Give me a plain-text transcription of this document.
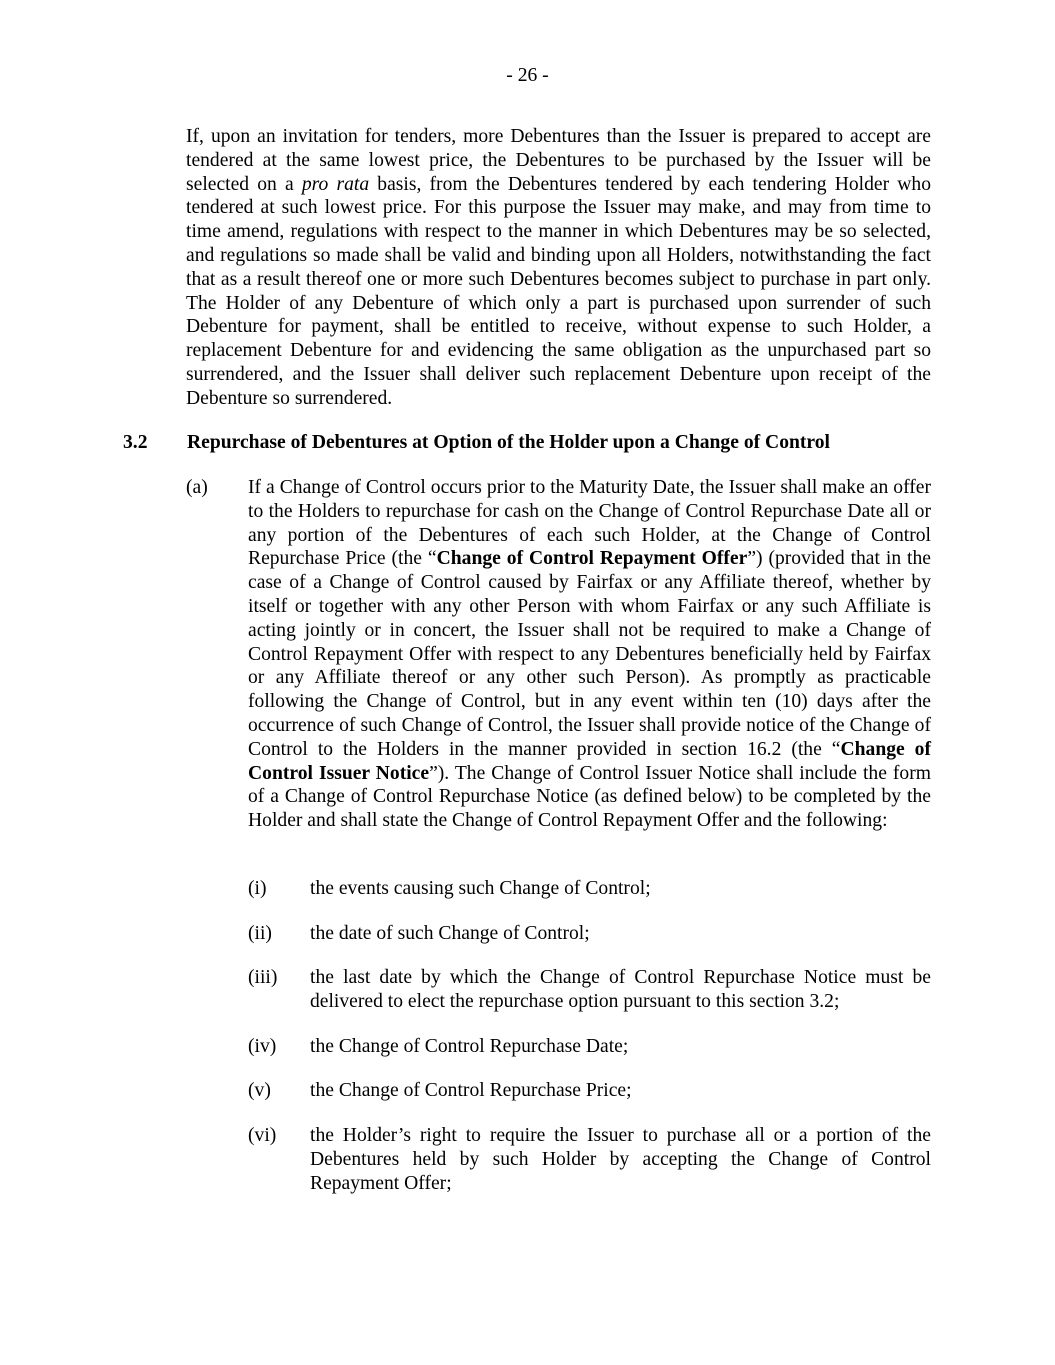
- 26 -

If, upon an invitation for tenders, more Debentures than the Issuer is prepared to accept are tendered at the same lowest price, the Debentures to be purchased by the Issuer will be selected on a pro rata basis, from the Debentures tendered by each tendering Holder who tendered at such lowest price. For this purpose the Issuer may make, and may from time to time amend, regulations with respect to the manner in which Debentures may be so selected, and regulations so made shall be valid and binding upon all Holders, notwithstanding the fact that as a result thereof one or more such Debentures becomes subject to purchase in part only. The Holder of any Debenture of which only a part is purchased upon surrender of such Debenture for payment, shall be entitled to receive, without expense to such Holder, a replacement Debenture for and evidencing the same obligation as the unpurchased part so surrendered, and the Issuer shall deliver such replacement Debenture upon receipt of the Debenture so surrendered.

3.2 Repurchase of Debentures at Option of the Holder upon a Change of Control

(a) If a Change of Control occurs prior to the Maturity Date, the Issuer shall make an offer to the Holders to repurchase for cash on the Change of Control Repurchase Date all or any portion of the Debentures of each such Holder, at the Change of Control Repurchase Price (the “Change of Control Repayment Offer”) (provided that in the case of a Change of Control caused by Fairfax or any Affiliate thereof, whether by itself or together with any other Person with whom Fairfax or any such Affiliate is acting jointly or in concert, the Issuer shall not be required to make a Change of Control Repayment Offer with respect to any Debentures beneficially held by Fairfax or any Affiliate thereof or any other such Person). As promptly as practicable following the Change of Control, but in any event within ten (10) days after the occurrence of such Change of Control, the Issuer shall provide notice of the Change of Control to the Holders in the manner provided in section 16.2 (the “Change of Control Issuer Notice”). The Change of Control Issuer Notice shall include the form of a Change of Control Repurchase Notice (as defined below) to be completed by the Holder and shall state the Change of Control Repayment Offer and the following:
(i) the events causing such Change of Control;
(ii) the date of such Change of Control;
(iii) the last date by which the Change of Control Repurchase Notice must be delivered to elect the repurchase option pursuant to this section 3.2;
(iv) the Change of Control Repurchase Date;
(v) the Change of Control Repurchase Price;
(vi) the Holder’s right to require the Issuer to purchase all or a portion of the Debentures held by such Holder by accepting the Change of Control Repayment Offer;
